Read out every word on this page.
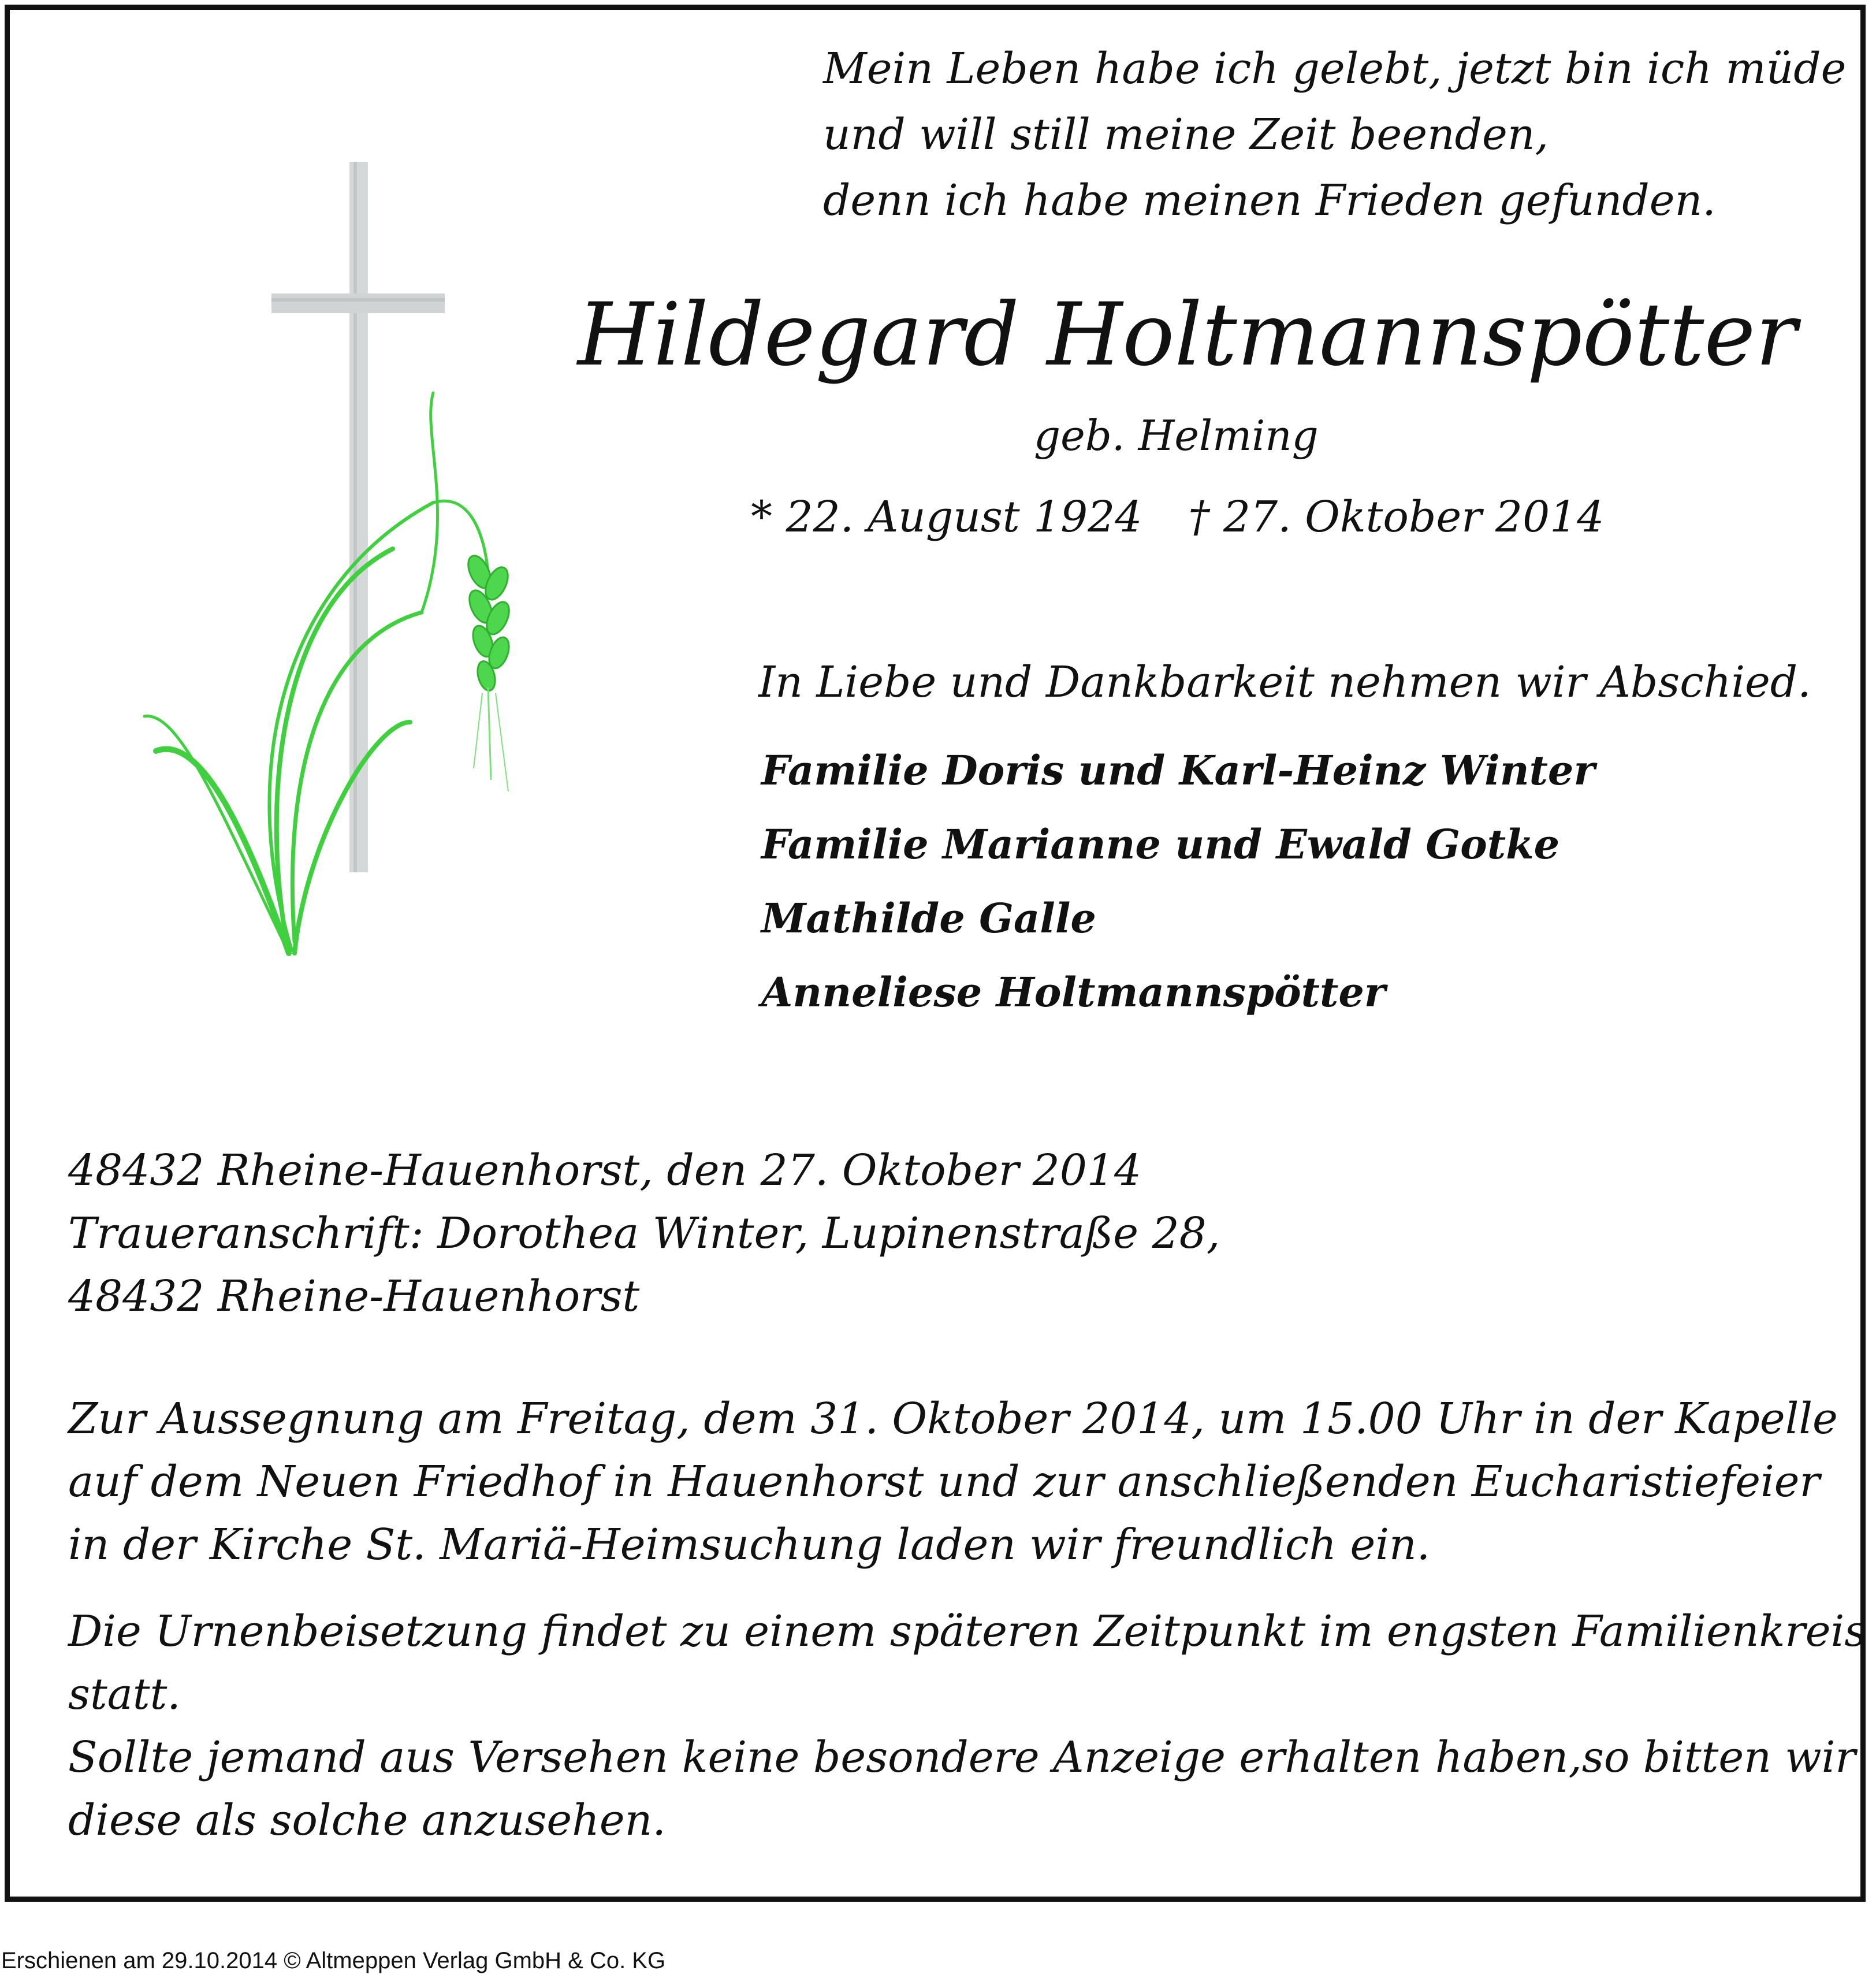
Mein Leben habe ich gelebt, jetzt bin ich müde
und will still meine Zeit beenden,
denn ich habe meinen Frieden gefunden.
Hildegard Holtmannspötter
geb. Helming
* 22. August 1924 † 27. Oktober 2014
In Liebe und Dankbarkeit nehmen wir Abschied.
Familie Doris und Karl-Heinz Winter
Familie Marianne und Ewald Gotke
Mathilde Galle
Anneliese Holtmannspötter
48432 Rheine-Hauenhorst, den 27. Oktober 2014
Traueranschrift: Dorothea Winter, Lupinenstraße 28,
48432 Rheine-Hauenhorst
Zur Aussegnung am Freitag, dem 31. Oktober 2014, um 15.00 Uhr in der Kapelle
auf dem Neuen Friedhof in Hauenhorst und zur anschließenden Eucharistiefeier
in der Kirche St. Mariä-Heimsuchung laden wir freundlich ein.
Die Urnenbeisetzung findet zu einem späteren Zeitpunkt im engsten Familienkreis
statt.
Sollte jemand aus Versehen keine besondere Anzeige erhalten haben,so bitten wir
diese als solche anzusehen.
Erschienen am 29.10.2014 © Altmeppen Verlag GmbH & Co. KG
